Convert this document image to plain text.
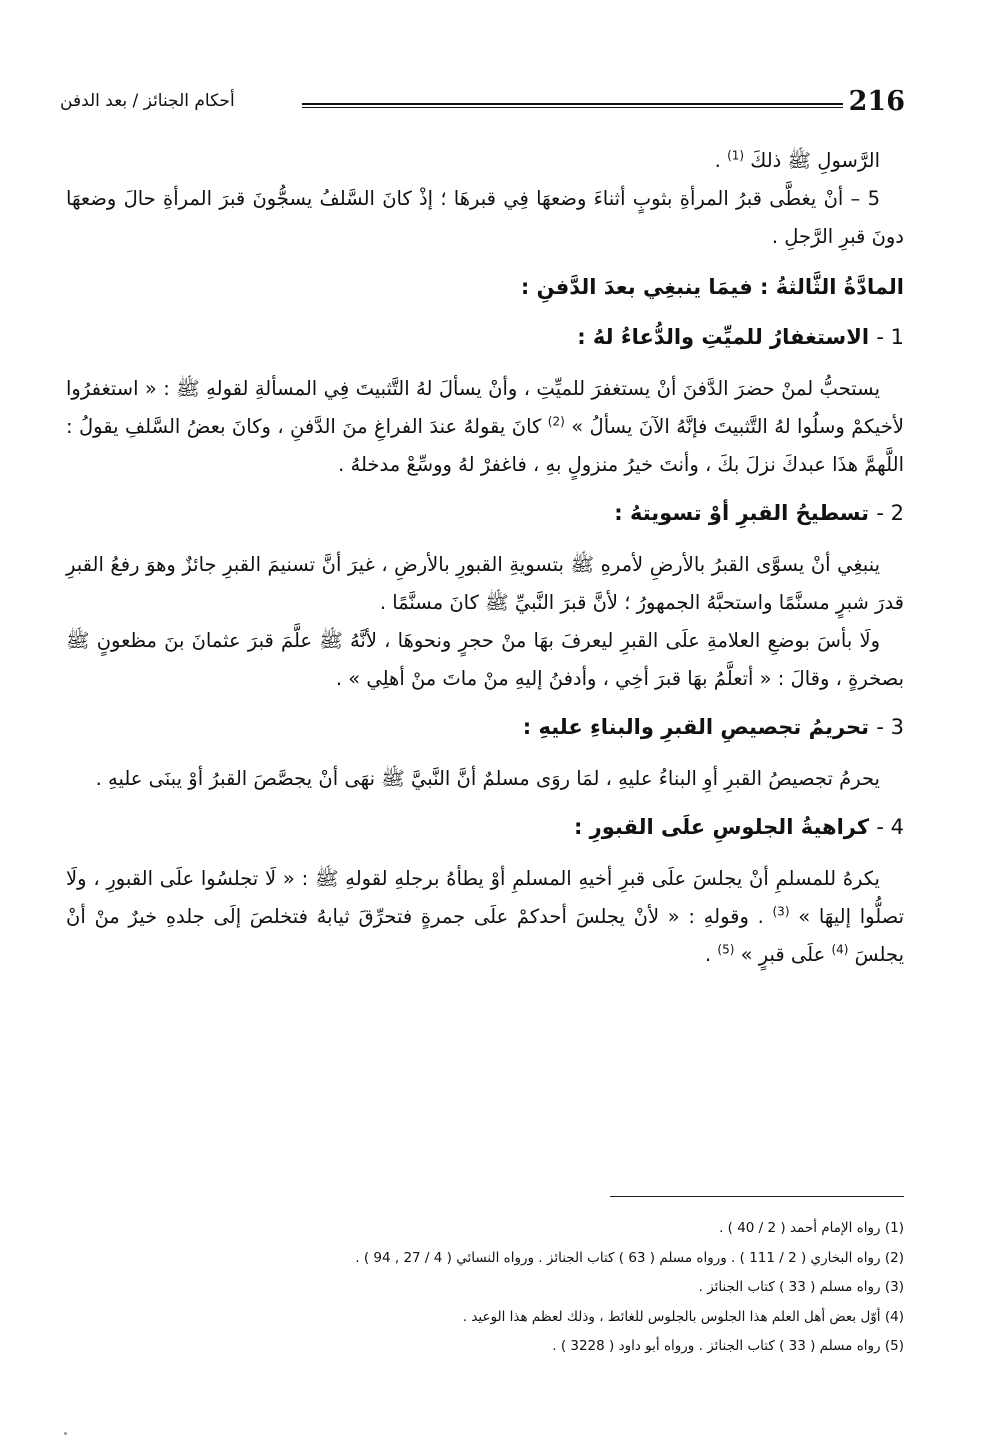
216
أحكام الجنائز / بعد الدفن

الرَّسولِ ﷺ ذلكَ $^{(1)}$ .

5 – أنْ يغطَّى قبرُ المرأةِ بثوبٍ أثناءَ وضعهَا فِي قبرهَا ؛ إذْ كانَ السَّلفُ يسجُّونَ قبرَ المرأةِ حالَ وضعهَا دونَ قبرِ الرَّجلِ .

المادَّةُ الثَّالثةُ : فيمَا ينبغِي بعدَ الدَّفنِ :

1 - الاستغفارُ للميِّتِ والدُّعاءُ لهُ :

يستحبُّ لمنْ حضرَ الدَّفنَ أنْ يستغفرَ للميِّتِ ، وأنْ يسألَ لهُ التَّثبيتَ فِي المسألةِ لقولهِ ﷺ : « استغفرُوا لأخيكمْ وسلُوا لهُ التَّثبيتَ فإنَّهُ الآنَ يسألُ » $^{(2)}$ كانَ يقولهُ عندَ الفراغِ منَ الدَّفنِ ، وكانَ بعضُ السَّلفِ يقولُ : اللَّهمَّ هذَا عبدكَ نزلَ بكَ ، وأنتَ خيرُ منزولٍ بهِ ، فاغفرْ لهُ ووسِّعْ مدخلهُ .

2 - تسطيحُ القبرِ أوْ تسويتهُ :

ينبغِي أنْ يسوَّى القبرُ بالأرضِ لأمرهِ ﷺ بتسويةِ القبورِ بالأرضِ ، غيرَ أنَّ تسنيمَ القبرِ جائزٌ وهوَ رفعُ القبرِ قدرَ شبرٍ مسنَّمًا واستحبَّهُ الجمهورُ ؛ لأنَّ قبرَ النَّبيِّ ﷺ كانَ مسنَّمًا .

ولَا بأسَ بوضعِ العلامةِ علَى القبرِ ليعرفَ بهَا منْ حجرٍ ونحوهَا ، لأنَّهُ ﷺ علَّمَ قبرَ عثمانَ بنَ مظعونٍ ﷺ بصخرةٍ ، وقالَ : « أتعلَّمُ بهَا قبرَ أخِي ، وأدفنُ إليهِ منْ ماتَ منْ أهلِي » .

3 - تحريمُ تجصيصِ القبرِ والبناءِ عليهِ :

يحرمُ تجصيصُ القبرِ أوِ البناءُ عليهِ ، لمَا روَى مسلمٌ أنَّ النَّبيَّ ﷺ نهَى أنْ يجصَّصَ القبرُ أوْ يبنَى عليهِ .

4 - كراهيةُ الجلوسِ علَى القبورِ :

يكرهُ للمسلمِ أنْ يجلسَ علَى قبرِ أخيهِ المسلمِ أوْ يطأهُ برجلهِ لقولهِ ﷺ : « لَا تجلسُوا علَى القبورِ ، ولَا تصلُّوا إليهَا » $^{(3)}$ . وقولهِ : « لأنْ يجلسَ أحدكمْ علَى جمرةٍ فتحرِّقَ ثيابهُ فتخلصَ إلَى جلدهِ خيرٌ منْ أنْ يجلسَ $^{(4)}$ علَى قبرٍ » $^{(5)}$ .

(1) رواه الإمام أحمد ( 2 / 40 ) .

(2) رواه البخاري ( 2 / 111 ) . ورواه مسلم ( 63 ) كتاب الجنائز . ورواه النسائي ( 4 / 27 , 94 ) .

(3) رواه مسلم ( 33 ) كتاب الجنائز .

(4) أوّل بعض أهل العلم هذا الجلوس بالجلوس للغائط ، وذلك لعظم هذا الوعيد .

(5) رواه مسلم ( 33 ) كتاب الجنائز . ورواه أبو داود ( 3228 ) .
